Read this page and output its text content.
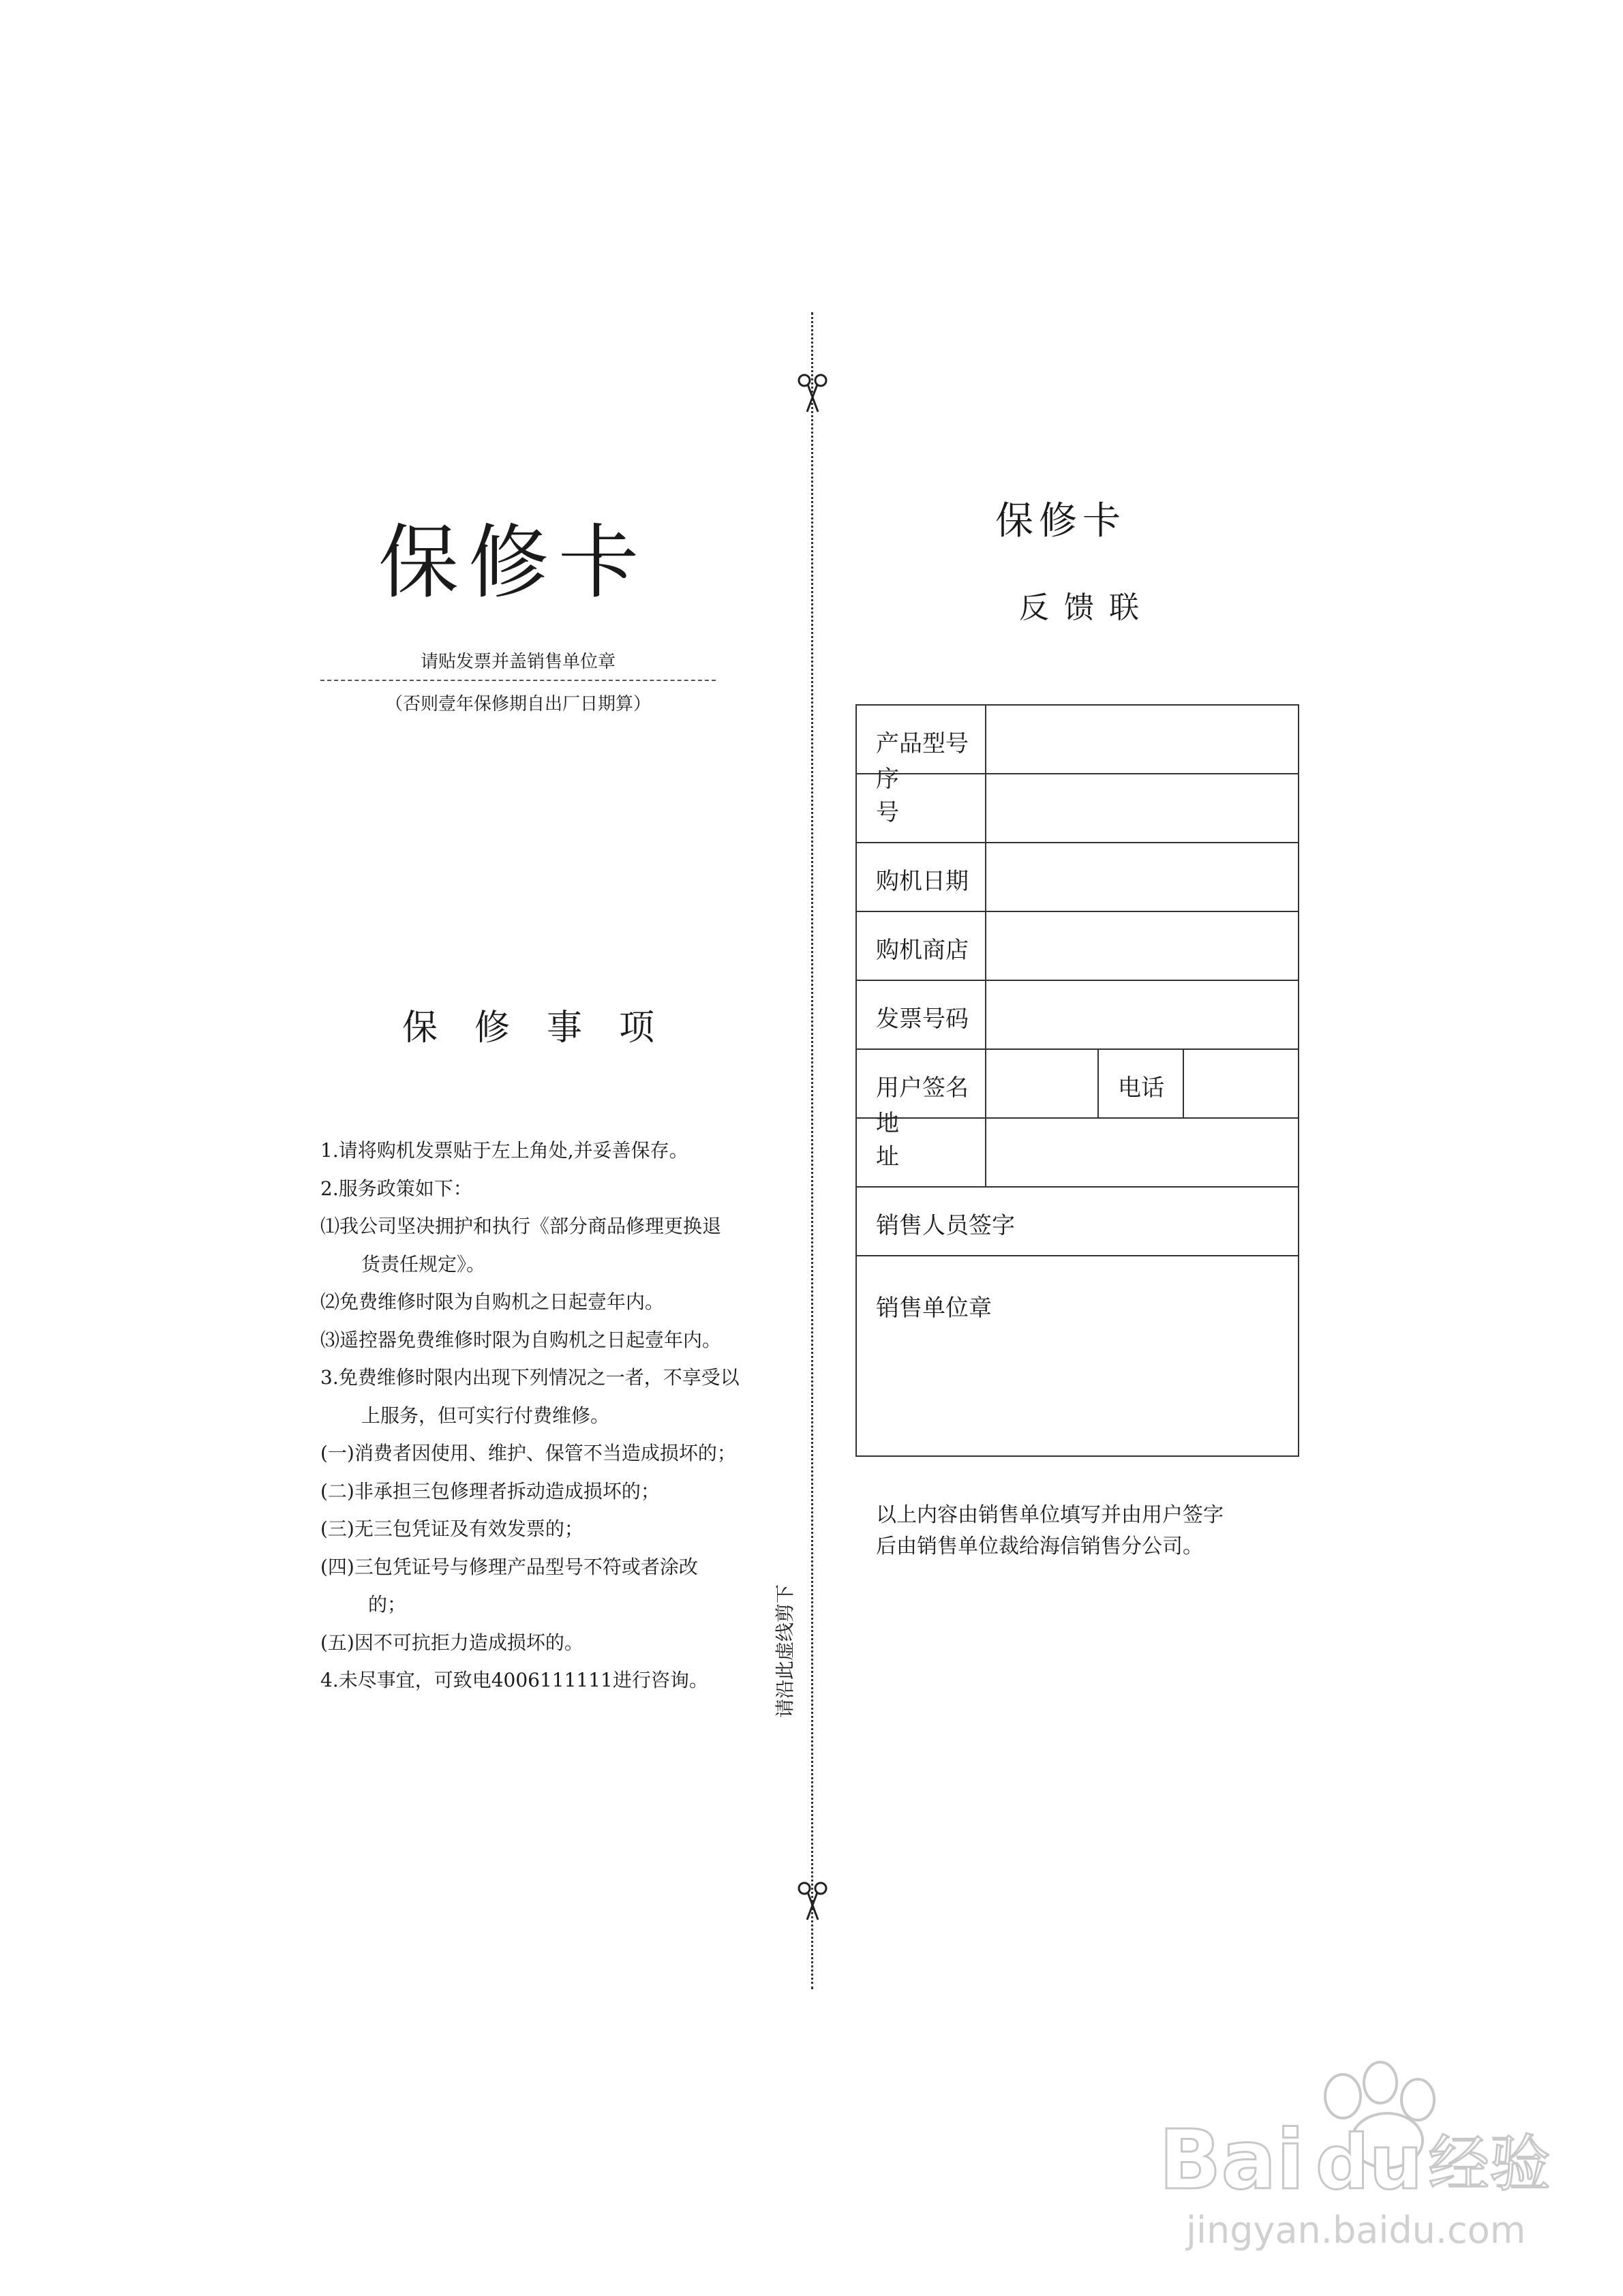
保修卡
请贴发票并盖销售单位章
（否则壹年保修期自出厂日期算）
保修事项
1.请将购机发票贴于左上角处,并妥善保存。
2.服务政策如下：
⑴我公司坚决拥护和执行《部分商品修理更换退
货责任规定》。
⑵免费维修时限为自购机之日起壹年内。
⑶遥控器免费维修时限为自购机之日起壹年内。
3.免费维修时限内出现下列情况之一者，不享受以
上服务，但可实行付费维修。
(一)消费者因使用、维护、保管不当造成损坏的；
(二)非承担三包修理者拆动造成损坏的；
(三)无三包凭证及有效发票的；
(四)三包凭证号与修理产品型号不符或者涂改
的；
(五)因不可抗拒力造成损坏的。
4.未尽事宜，可致电4006111111进行咨询。	请沿此虚线剪下
保修卡
反馈联
产品型号
序号
购机日期
购机商店
发票号码
用户签名	电话
地址
销售人员签字
销售单位章
以上内容由销售单位填写并由用户签字
后由销售单位裁给海信销售分公司。
Bai du 经验
jingyan.baidu.com
